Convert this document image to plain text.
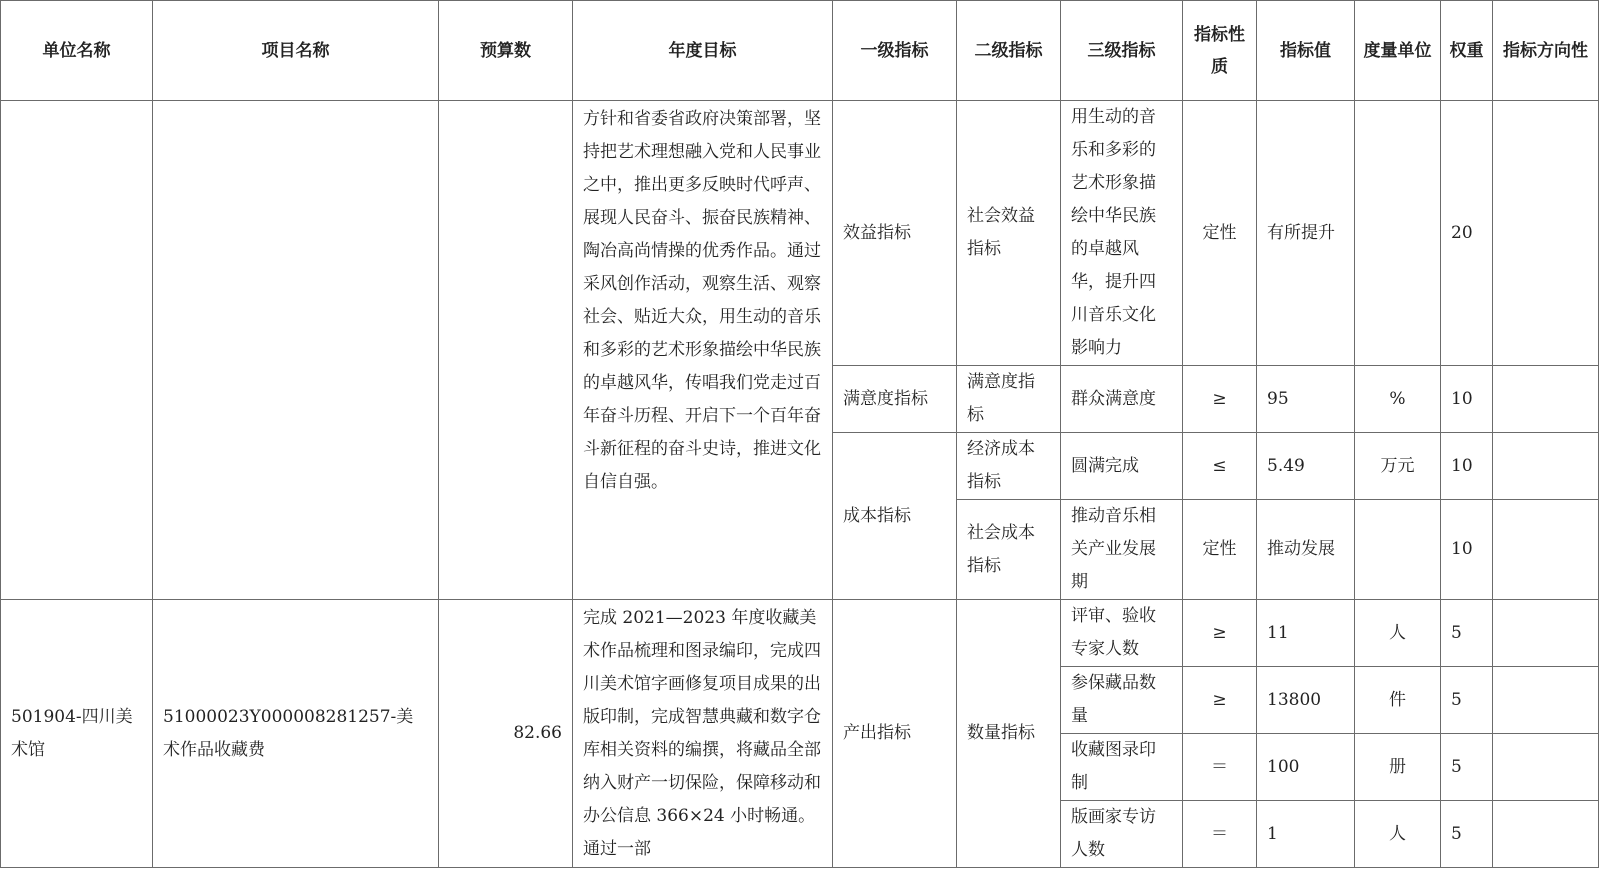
单位名称	项目名称	预算数	年度目标	一级指标	二级指标	三级指标	指标性质	指标值	度量单位	权重	指标方向性
			方针和省委省政府决策部署，坚持把艺术理想融入党和人民事业之中，推出更多反映时代呼声、展现人民奋斗、振奋民族精神、陶冶高尚情操的优秀作品。通过采风创作活动，观察生活、观察社会、贴近大众，用生动的音乐和多彩的艺术形象描绘中华民族的卓越风华，传唱我们党走过百年奋斗历程、开启下一个百年奋斗新征程的奋斗史诗，推进文化自信自强。	效益指标	社会效益指标	用生动的音乐和多彩的艺术形象描绘中华民族的卓越风华，提升四川音乐文化影响力	定性	有所提升		20	
				满意度指标	满意度指标	群众满意度	≥	95	%	10	
				成本指标	经济成本指标	圆满完成	≤	5.49	万元	10	
					社会成本指标	推动音乐相关产业发展期	定性	推动发展		10	
501904-四川美术馆	51000023Y000008281257-美术作品收藏费	82.66	完成 2021—2023 年度收藏美术作品梳理和图录编印，完成四川美术馆字画修复项目成果的出版印制，完成智慧典藏和数字仓库相关资料的编撰，将藏品全部纳入财产一切保险，保障移动和办公信息 366×24 小时畅通。通过一部	产出指标	数量指标	评审、验收专家人数	≥	11	人	5	
						参保藏品数量	≥	13800	件	5	
						收藏图录印制	＝	100	册	5	
						版画家专访人数	＝	1	人	5	
